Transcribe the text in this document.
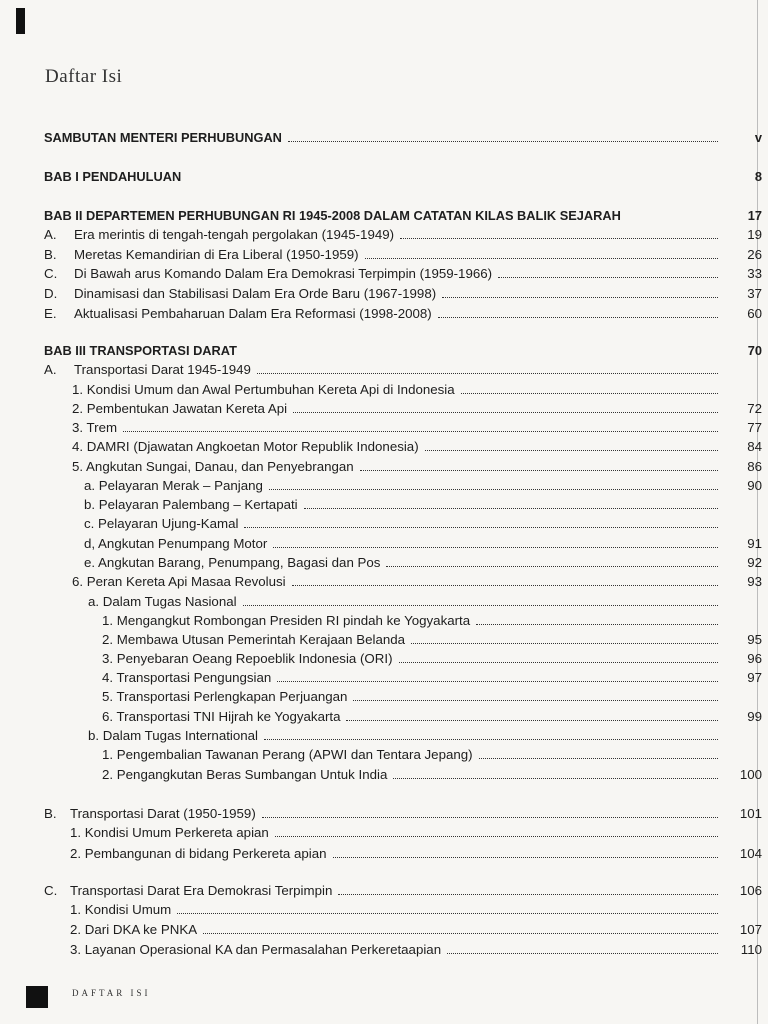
Daftar Isi
SAMBUTAN MENTERI PERHUBUNGAN	v
BAB I PENDAHULUAN	8
BAB II DEPARTEMEN PERHUBUNGAN RI 1945-2008 DALAM CATATAN KILAS BALIK SEJARAH	17
A.	Era merintis di tengah-tengah pergolakan (1945-1949)	19
B.	Meretas Kemandirian di Era Liberal (1950-1959)	26
C.	Di Bawah arus Komando Dalam Era Demokrasi Terpimpin (1959-1966)	33
D.	Dinamisasi dan Stabilisasi Dalam Era Orde Baru (1967-1998)	37
E.	Aktualisasi Pembaharuan Dalam Era Reformasi (1998-2008)	60
BAB III TRANSPORTASI DARAT	70
A.	Transportasi Darat 1945-1949
1. Kondisi Umum dan Awal Pertumbuhan Kereta Api di Indonesia
2. Pembentukan Jawatan Kereta Api	72
3. Trem	77
4. DAMRI (Djawatan Angkoetan Motor Republik Indonesia)	84
5. Angkutan Sungai, Danau, dan Penyebrangan	86
a. Pelayaran Merak – Panjang	90
b. Pelayaran Palembang – Kertapati
c. Pelayaran Ujung-Kamal
d, Angkutan Penumpang Motor	91
e. Angkutan Barang, Penumpang, Bagasi dan Pos	92
6. Peran Kereta Api Masaa Revolusi	93
a. Dalam Tugas Nasional
1. Mengangkut Rombongan Presiden RI pindah ke Yogyakarta
2. Membawa Utusan Pemerintah Kerajaan Belanda	95
3. Penyebaran Oeang Repoeblik Indonesia (ORI)	96
4. Transportasi Pengungsian	97
5. Transportasi Perlengkapan Perjuangan
6. Transportasi TNI Hijrah ke Yogyakarta	99
b. Dalam Tugas International
1. Pengembalian Tawanan Perang (APWI dan Tentara Jepang)
2. Pengangkutan Beras Sumbangan Untuk India	100
B.	Transportasi Darat (1950-1959)	101
1. Kondisi Umum Perkereta apian
2. Pembangunan di bidang Perkereta apian	104
C. Transportasi Darat Era Demokrasi Terpimpin	106
1. Kondisi Umum
2. Dari DKA ke PNKA	107
3. Layanan Operasional KA dan Permasalahan Perkeretaapian	110
DAFTAR ISI
